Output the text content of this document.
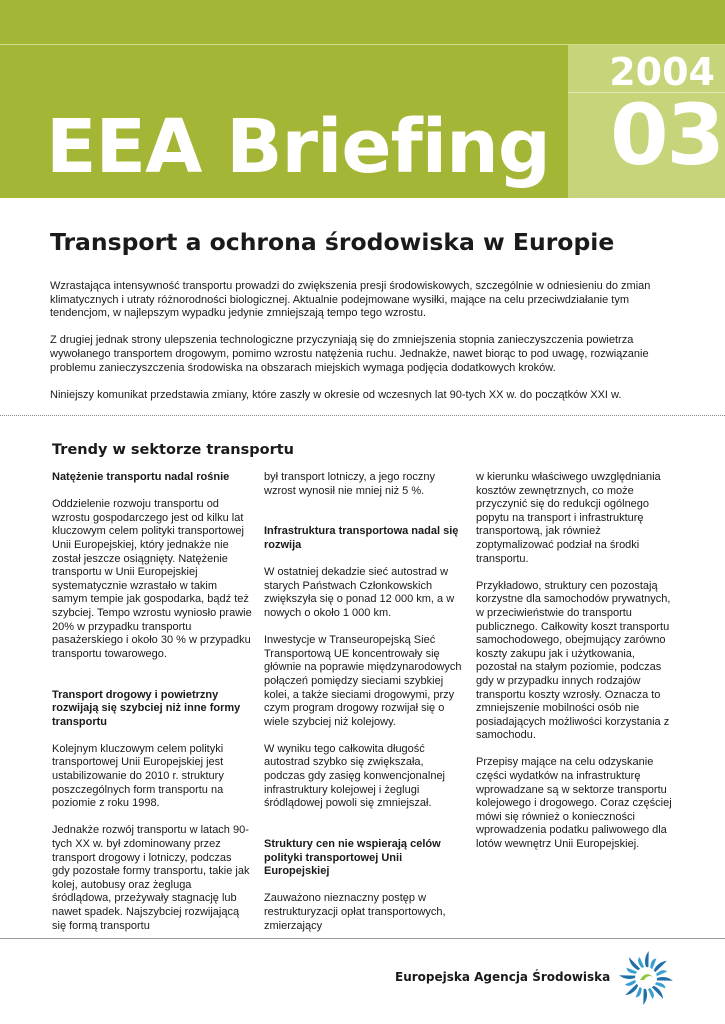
2004
03
EEA Briefing
Transport a ochrona środowiska w Europie

Wzrastająca intensywność transportu prowadzi do zwiększenia presji środowiskowych, szczególnie w odniesieniu do zmian klimatycznych i utraty różnorodności biologicznej. Aktualnie podejmowane wysiłki, mające na celu przeciwdziałanie tym tendencjom, w najlepszym wypadku jedynie zmniejszają tempo tego wzrostu.

Z drugiej jednak strony ulepszenia technologiczne przyczyniają się do zmniejszenia stopnia zanieczyszczenia powietrza wywołanego transportem drogowym, pomimo wzrostu natężenia ruchu. Jednakże, nawet biorąc to pod uwagę, rozwiązanie problemu zanieczyszczenia środowiska na obszarach miejskich wymaga podjęcia dodatkowych kroków.

Niniejszy komunikat przedstawia zmiany, które zaszły w okresie od wczesnych lat 90-tych XX w. do początków XXI w.

Trendy w sektorze transportu
Natężenie transportu nadal rośnie

Oddzielenie rozwoju transportu od wzrostu gospodarczego jest od kilku lat kluczowym celem polityki transportowej Unii Europejskiej, który jednakże nie został jeszcze osiągnięty. Natężenie transportu w Unii Europejskiej systematycznie wzrastało w takim samym tempie jak gospodarka, bądź też szybciej. Tempo wzrostu wyniosło prawie 20% w przypadku transportu pasażerskiego i około 30 % w przypadku transportu towarowego.

Transport drogowy i powietrzny rozwijają się szybciej niż inne formy transportu

Kolejnym kluczowym celem polityki transportowej Unii Europejskiej jest ustabilizowanie do 2010 r. struktury poszczególnych form transportu na poziomie z roku 1998.

Jednakże rozwój transportu w latach 90-tych XX w. był zdominowany przez transport drogowy i lotniczy, podczas gdy pozostałe formy transportu, takie jak kolej, autobusy oraz żegluga śródlądowa, przeżywały stagnację lub nawet spadek. Najszybciej rozwijającą się formą transportu

był transport lotniczy, a jego roczny wzrost wynosił nie mniej niż 5 %.

Infrastruktura transportowa nadal się rozwija

W ostatniej dekadzie sieć autostrad w starych Państwach Członkowskich zwiększyła się o ponad 12 000 km, a w nowych o około 1 000 km.

Inwestycje w Transeuropejską Sieć Transportową UE koncentrowały się głównie na poprawie międzynarodowych połączeń pomiędzy sieciami szybkiej kolei, a także sieciami drogowymi, przy czym program drogowy rozwijał się o wiele szybciej niż kolejowy.

W wyniku tego całkowita długość autostrad szybko się zwiększała, podczas gdy zasięg konwencjonalnej infrastruktury kolejowej i żeglugi śródlądowej powoli się zmniejszał.

Struktury cen nie wspierają celów polityki transportowej Unii Europejskiej

Zauważono nieznaczny postęp w restrukturyzacji opłat transportowych, zmierzający

w kierunku właściwego uwzględniania kosztów zewnętrznych, co może przyczynić się do redukcji ogólnego popytu na transport i infrastrukturę transportową, jak również zoptymalizować podział na środki transportu.

Przykładowo, struktury cen pozostają korzystne dla samochodów prywatnych, w przeciwieństwie do transportu publicznego. Całkowity koszt transportu samochodowego, obejmujący zarówno koszty zakupu jak i użytkowania, pozostał na stałym poziomie, podczas gdy w przypadku innych rodzajów transportu koszty wzrosły. Oznacza to zmniejszenie mobilności osób nie posiadających możliwości korzystania z samochodu.

Przepisy mające na celu odzyskanie części wydatków na infrastrukturę wprowadzane są w sektorze transportu kolejowego i drogowego. Coraz częściej mówi się również o konieczności wprowadzenia podatku paliwowego dla lotów wewnętrz Unii Europejskiej.

Europejska Agencja Środowiska
